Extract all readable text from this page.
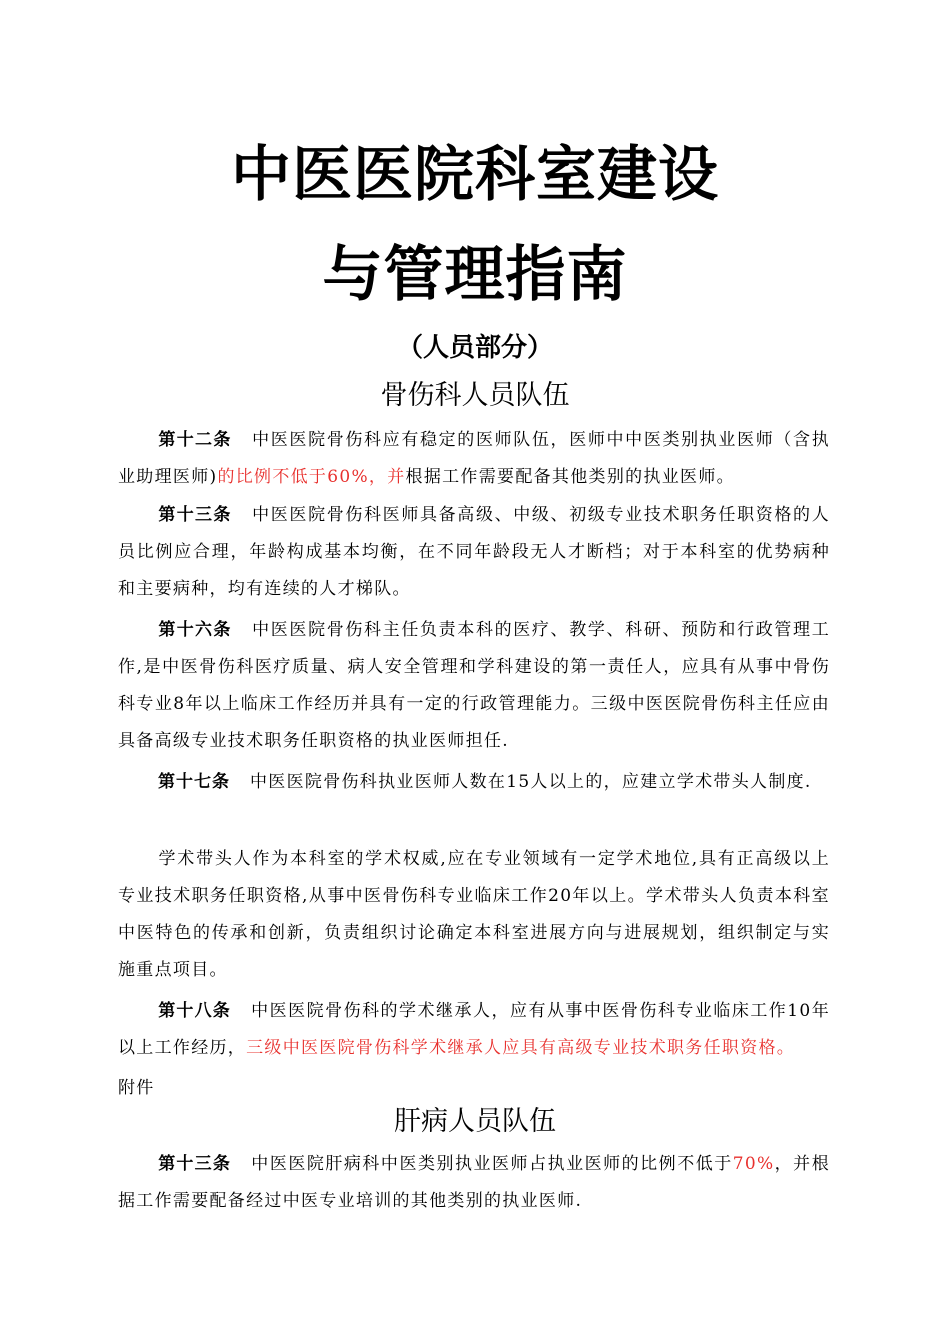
中医医院科室建设
与管理指南
（人员部分）
骨伤科人员队伍
第十二条 中医医院骨伤科应有稳定的医师队伍，医师中中医类别执业医师（含执业助理医师)的比例不低于60%，并根据工作需要配备其他类别的执业医师。
第十三条 中医医院骨伤科医师具备高级、中级、初级专业技术职务任职资格的人员比例应合理，年龄构成基本均衡，在不同年龄段无人才断档；对于本科室的优势病种和主要病种，均有连续的人才梯队。
第十六条 中医医院骨伤科主任负责本科的医疗、教学、科研、预防和行政管理工作,是中医骨伤科医疗质量、病人安全管理和学科建设的第一责任人，应具有从事中骨伤科专业8年以上临床工作经历并具有一定的行政管理能力。三级中医医院骨伤科主任应由具备高级专业技术职务任职资格的执业医师担任.
第十七条 中医医院骨伤科执业医师人数在15人以上的，应建立学术带头人制度.
学术带头人作为本科室的学术权威,应在专业领域有一定学术地位,具有正高级以上专业技术职务任职资格,从事中医骨伤科专业临床工作20年以上。学术带头人负责本科室中医特色的传承和创新，负责组织讨论确定本科室进展方向与进展规划，组织制定与实施重点项目。
第十八条 中医医院骨伤科的学术继承人，应有从事中医骨伤科专业临床工作10年以上工作经历，三级中医医院骨伤科学术继承人应具有高级专业技术职务任职资格。
附件
肝病人员队伍
第十三条 中医医院肝病科中医类别执业医师占执业医师的比例不低于70%，并根据工作需要配备经过中医专业培训的其他类别的执业医师.
